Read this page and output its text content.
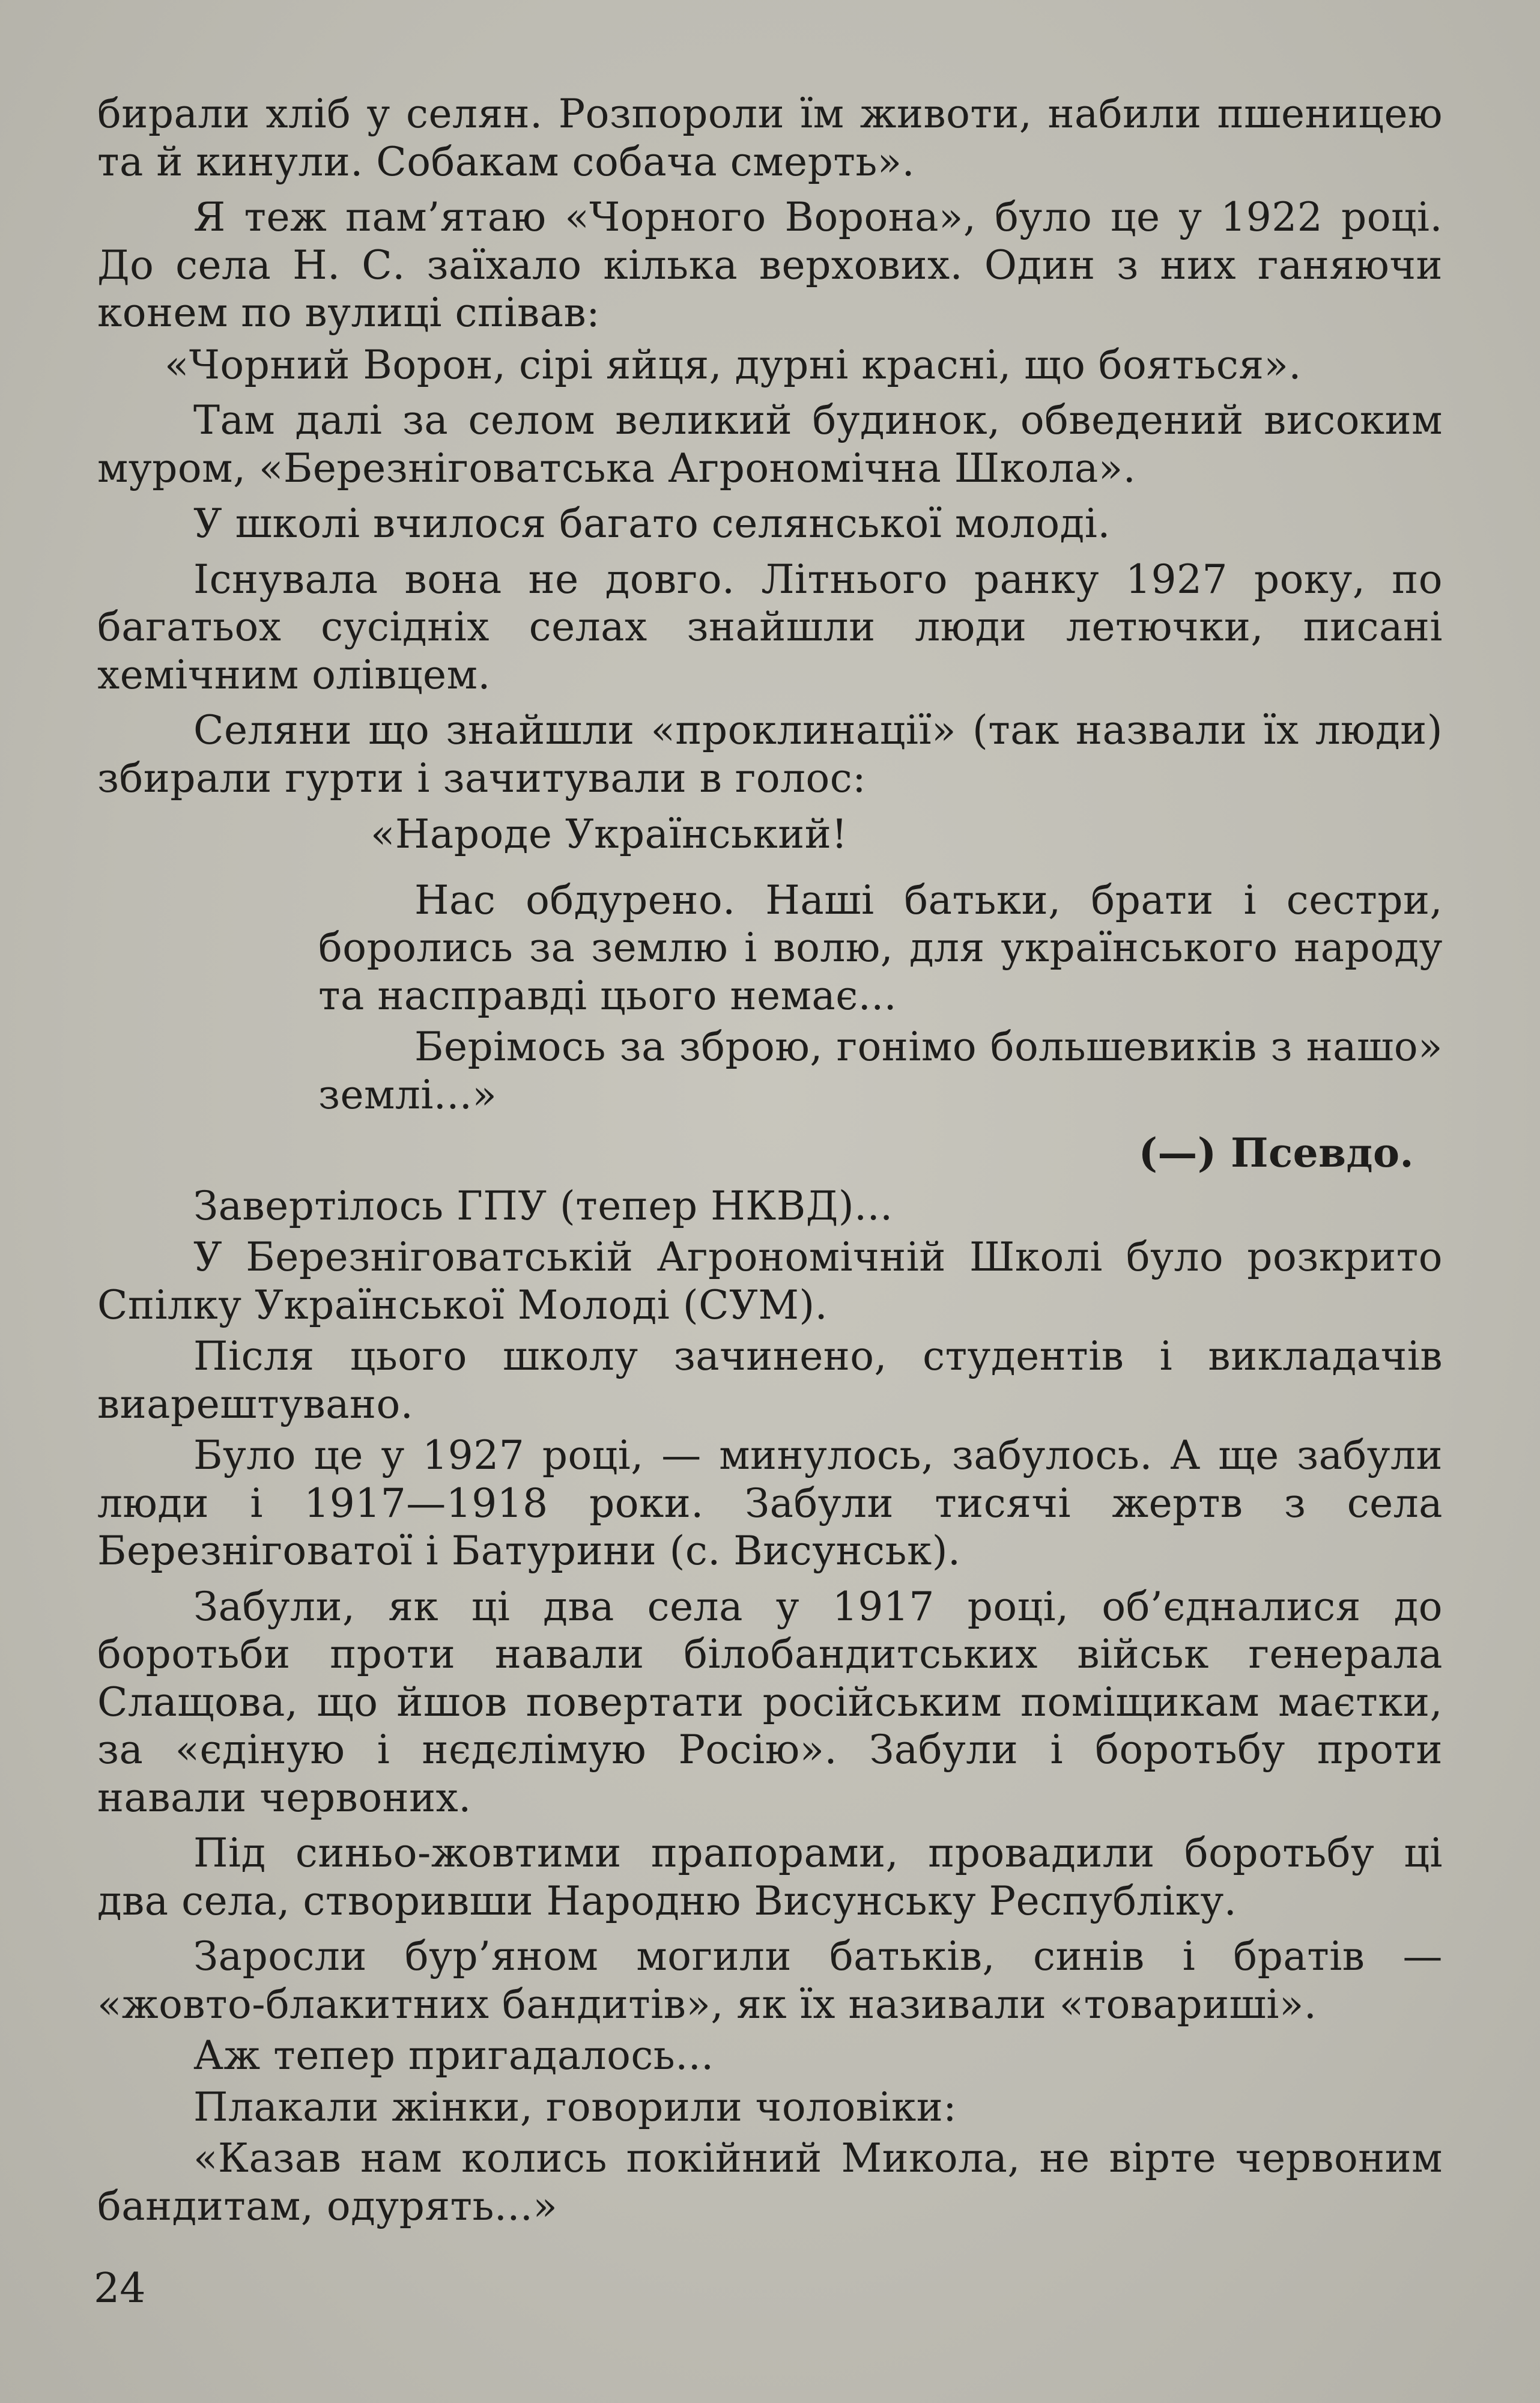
бирали хліб у селян. Розпороли їм животи, набили пшеницею та й кинули. Собакам собача смерть».

Я теж пам’ятаю «Чорного Ворона», було це у 1922 році. До села Н. С. заїхало кілька верхових. Один з них ганяючи конем по вулиці співав:

«Чорний Ворон, сірі яйця, дурні красні, що бояться».

Там далі за селом великий будинок, обведений високим муром, «Березніговатська Агрономічна Школа».

У школі вчилося багато селянської молоді.

Існувала вона не довго. Літнього ранку 1927 року, по багатьох сусідніх селах знайшли люди летючки, писані хемічним олівцем.

Селяни що знайшли «проклинації» (так назвали їх люди) збирали гурти і зачитували в голос:

«Народе Український!

Нас обдурено. Наші батьки, брати і сестри, боролись за землю і волю, для українського народу та насправді цього немає...

Берімось за зброю, гонімо большевиків з нашо» землі...»

(—) Псевдо.

Завертілось ГПУ (тепер НКВД)...

У Березніговатській Агрономічній Школі було розкрито Спілку Української Молоді (СУМ).

Після цього школу зачинено, студентів і викладачів виарештувано.

Було це у 1927 році, — минулось, забулось. А ще забули люди і 1917—1918 роки. Забули тисячі жертв з села Березніговатої і Батурини (с. Висунськ).

Забули, як ці два села у 1917 році, об’єдналися до боротьби проти навали білобандитських військ генерала Слащова, що йшов повертати російським поміщикам маєтки, за «єдіную і нєдєлімую Росію». Забули і боротьбу проти навали червоних.

Під синьо-жовтими прапорами, провадили боротьбу ці два села, створивши Народню Висунську Республіку.

Заросли бур’яном могили батьків, синів і братів — «жовто-блакитних бандитів», як їх називали «товариші».

Аж тепер пригадалось...

Плакали жінки, говорили чоловіки:

«Казав нам колись покійний Микола, не вірте червоним бандитам, одурять...»

24
